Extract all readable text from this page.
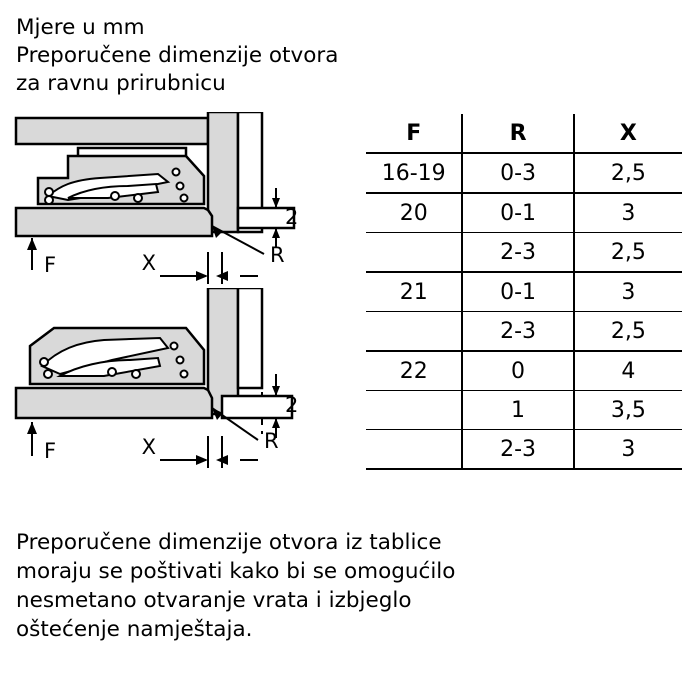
Mjere u mm
Preporučene dimenzije otvora
za ravnu prirubnicu
2
F	X	R
2
F	X	R
F	R	X
16-19	0-3	2,5
20	0-1	3
	2-3	2,5
21	0-1	3
	2-3	2,5
22	0	4
	1	3,5
	2-3	3
Preporučene dimenzije otvora iz tablice
moraju se poštivati kako bi se omogućilo
nesmetano otvaranje vrata i izbjeglo
oštećenje namještaja.
